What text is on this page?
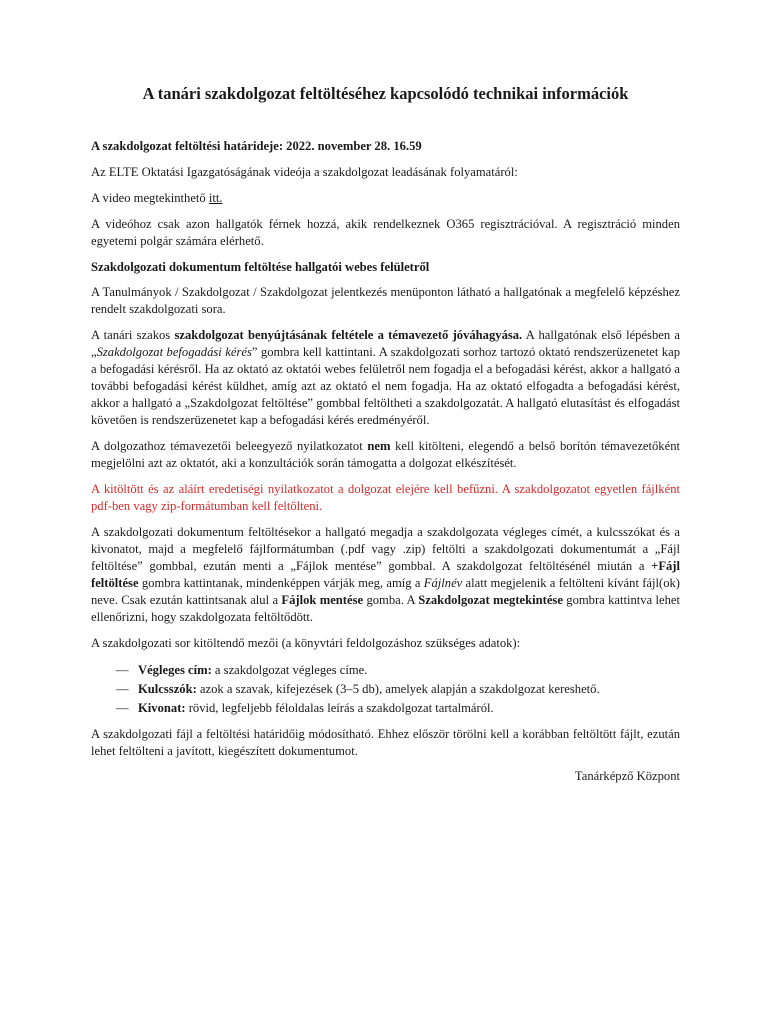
A tanári szakdolgozat feltöltéséhez kapcsolódó technikai információk

A szakdolgozat feltöltési határideje: 2022. november 28. 16.59

Az ELTE Oktatási Igazgatóságának videója a szakdolgozat leadásának folyamatáról:

A video megtekinthető itt.

A videóhoz csak azon hallgatók férnek hozzá, akik rendelkeznek O365 regisztrációval. A regisztráció minden egyetemi polgár számára elérhető.

Szakdolgozati dokumentum feltöltése hallgatói webes felületről

A Tanulmányok / Szakdolgozat / Szakdolgozat jelentkezés menüponton látható a hallgatónak a megfelelő képzéshez rendelt szakdolgozati sora.

A tanári szakos szakdolgozat benyújtásának feltétele a témavezető jóváhagyása. A hallgatónak első lépésben a „Szakdolgozat befogadási kérés” gombra kell kattintani. A szakdolgozati sorhoz tartozó oktató rendszerüzenetet kap a befogadási kérésről. Ha az oktató az oktatói webes felületről nem fogadja el a befogadási kérést, akkor a hallgató a további befogadási kérést küldhet, amíg azt az oktató el nem fogadja. Ha az oktató elfogadta a befogadási kérést, akkor a hallgató a „Szakdolgozat feltöltése” gombbal feltöltheti a szakdolgozatát. A hallgató elutasítást és elfogadást követően is rendszerüzenetet kap a befogadási kérés eredményéről.

A dolgozathoz témavezetői beleegyező nyilatkozatot nem kell kitölteni, elegendő a belső borítón témavezetőként megjelölni azt az oktatót, aki a konzultációk során támogatta a dolgozat elkészítését.

A kitöltött és az aláírt eredetiségi nyilatkozatot a dolgozat elejére kell befűzni. A szakdolgozatot egyetlen fájlként pdf-ben vagy zip-formátumban kell feltölteni.

A szakdolgozati dokumentum feltöltésekor a hallgató megadja a szakdolgozata végleges címét, a kulcsszókat és a kivonatot, majd a megfelelő fájlformátumban (.pdf vagy .zip) feltölti a szakdolgozati dokumentumát a „Fájl feltöltése” gombbal, ezután menti a „Fájlok mentése” gombbal. A szakdolgozat feltöltésénél miután a +Fájl feltöltése gombra kattintanak, mindenképpen várják meg, amíg a Fájlnév alatt megjelenik a feltölteni kívánt fájl(ok) neve. Csak ezután kattintsanak alul a Fájlok mentése gomba. A Szakdolgozat megtekintése gombra kattintva lehet ellenőrizni, hogy szakdolgozata feltöltődött.

A szakdolgozati sor kitöltendő mezői (a könyvtári feldolgozáshoz szükséges adatok):

— Végleges cím: a szakdolgozat végleges címe.
— Kulcsszók: azok a szavak, kifejezések (3–5 db), amelyek alapján a szakdolgozat kereshető.
— Kivonat: rövid, legfeljebb féloldalas leírás a szakdolgozat tartalmáról.

A szakdolgozati fájl a feltöltési határidőig módosítható. Ehhez először törölni kell a korábban feltöltött fájlt, ezután lehet feltölteni a javított, kiegészített dokumentumot.

Tanárképző Központ
